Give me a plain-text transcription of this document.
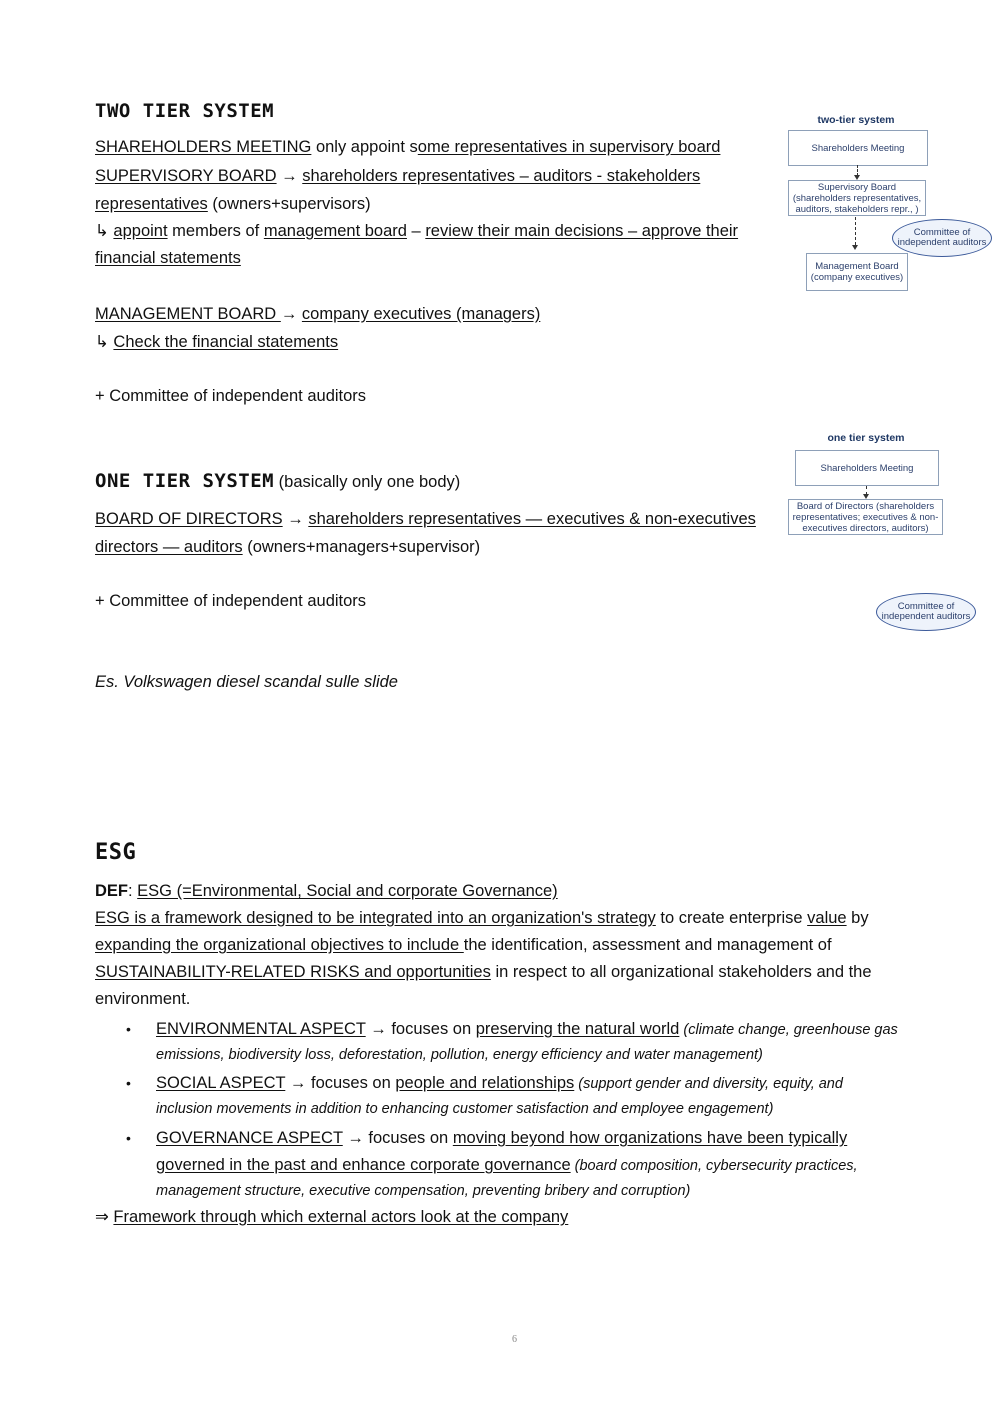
TWO TIER SYSTEM
SHAREHOLDERS MEETING only appoint some representatives in supervisory board
SUPERVISORY BOARD → shareholders representatives – auditors - stakeholders
representatives (owners+supervisors)
↳ appoint members of management board – review their main decisions – approve their
financial statements
MANAGEMENT BOARD → company executives (managers)
↳ Check the financial statements
+ Committee of independent auditors
two-tier system
Shareholders Meeting
Supervisory Board (shareholders representatives, auditors, stakeholders repr., )
Management Board (company executives)
Committee of independent auditors
ONE TIER SYSTEM (basically only one body)
BOARD OF DIRECTORS → shareholders representatives — executives & non-executives
directors — auditors (owners+managers+supervisor)
+ Committee of independent auditors
Es. Volkswagen diesel scandal sulle slide
one tier system
Shareholders Meeting
Board of Directors (shareholders representatives; executives & non-executives directors, auditors)
Committee of independent auditors
ESG
DEF: ESG (=Environmental, Social and corporate Governance)
ESG is a framework designed to be integrated into an organization's strategy to create enterprise value by
expanding the organizational objectives to include the identification, assessment and management of
SUSTAINABILITY-RELATED RISKS and opportunities in respect to all organizational stakeholders and the
environment.
• ENVIRONMENTAL ASPECT → focuses on preserving the natural world (climate change, greenhouse gas
emissions, biodiversity loss, deforestation, pollution, energy efficiency and water management)
• SOCIAL ASPECT → focuses on people and relationships (support gender and diversity, equity, and
inclusion movements in addition to enhancing customer satisfaction and employee engagement)
• GOVERNANCE ASPECT → focuses on moving beyond how organizations have been typically
governed in the past and enhance corporate governance (board composition, cybersecurity practices,
management structure, executive compensation, preventing bribery and corruption)
⇒ Framework through which external actors look at the company
6
